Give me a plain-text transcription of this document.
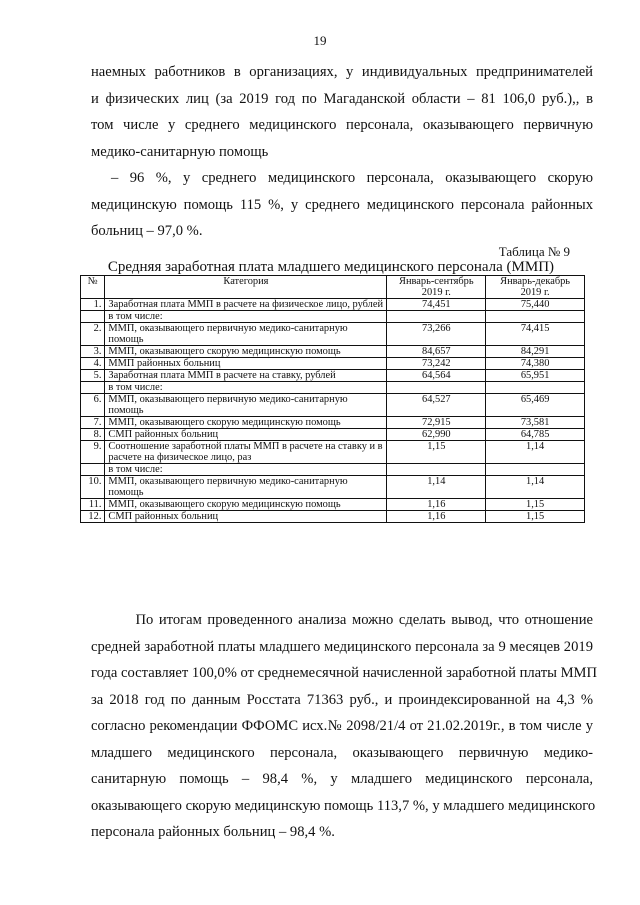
19
наемных работников в организациях, у индивидуальных предпринимателей
и физических лиц (за 2019 год по Магаданской области – 81 106,0 руб.),, в
том числе у среднего медицинского персонала, оказывающего первичную
медико-санитарную помощь
– 96 %, у среднего медицинского персонала, оказывающего скорую
медицинскую помощь 115 %, у среднего медицинского персонала районных
больниц – 97,0 %.
Таблица № 9
Средняя заработная плата младшего медицинского персонала (ММП)
№	Категория	Январь-сентябрь 2019 г.	Январь-декабрь 2019 г.
1.	Заработная плата ММП в расчете на физическое лицо, рублей	74,451	75,440
	в том числе:		
2.	ММП, оказывающего первичную медико-санитарную помощь	73,266	74,415
3.	ММП, оказывающего скорую медицинскую помощь	84,657	84,291
4.	ММП районных больниц	73,242	74,380
5.	Заработная плата ММП в расчете на ставку, рублей	64,564	65,951
	в том числе:		
6.	ММП, оказывающего первичную медико-санитарную помощь	64,527	65,469
7.	ММП, оказывающего скорую медицинскую помощь	72,915	73,581
8.	СМП районных больниц	62,990	64,785
9.	Соотношение заработной платы ММП в расчете на ставку и в расчете на физическое лицо, раз	1,15	1,14
	в том числе:		
10.	ММП, оказывающего первичную медико-санитарную помощь	1,14	1,14
11.	ММП, оказывающего скорую медицинскую помощь	1,16	1,15
12.	СМП районных больниц	1,16	1,15
По итогам проведенного анализа можно сделать вывод, что отношение
средней заработной платы младшего медицинского персонала за 9 месяцев 2019
года составляет 100,0% от среднемесячной начисленной заработной платы ММП
за 2018 год по данным Росстата 71363 руб., и проиндексированной на 4,3 %
согласно рекомендации ФФОМС исх.№ 2098/21/4 от 21.02.2019г., в том числе у
младшего медицинского персонала, оказывающего первичную медико-
санитарную помощь – 98,4 %, у младшего медицинского персонала,
оказывающего скорую медицинскую помощь 113,7 %, у младшего медицинского
персонала районных больниц – 98,4 %.
